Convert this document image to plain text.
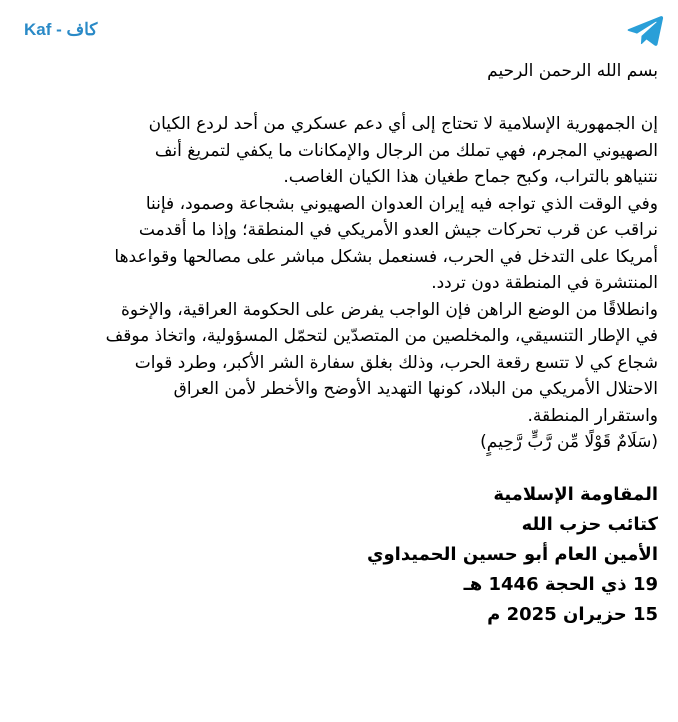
Kaf - كاف
بسم الله الرحمن الرحيم
إن الجمهورية الإسلامية لا تحتاج إلى أي دعم عسكري من أحد لردع الكيان
الصهيوني المجرم، فهي تملك من الرجال والإمكانات ما يكفي لتمريغ أنف
نتنياهو بالتراب، وكبح جماح طغيان هذا الكيان الغاصب.
وفي الوقت الذي تواجه فيه إيران العدوان الصهيوني بشجاعة وصمود، فإننا
نراقب عن قرب تحركات جيش العدو الأمريكي في المنطقة؛ وإذا ما أقدمت
أمريكا على التدخل في الحرب، فسنعمل بشكل مباشر على مصالحها وقواعدها
المنتشرة في المنطقة دون تردد.
وانطلاقًا من الوضع الراهن فإن الواجب يفرض على الحكومة العراقية، والإخوة
في الإطار التنسيقي، والمخلصين من المتصدّين لتحمّل المسؤولية، واتخاذ موقف
شجاع كي لا تتسع رقعة الحرب، وذلك بغلق سفارة الشر الأكبر، وطرد قوات
الاحتلال الأمريكي من البلاد، كونها التهديد الأوضح والأخطر لأمن العراق
واستقرار المنطقة.
(سَلَامٌ قَوْلًا مِّن رَّبٍّ رَّحِيمٍ)
المقاومة الإسلامية
كتائب حزب الله
الأمين العام أبو حسين الحميداوي
19 ذي الحجة 1446 هـ
15 حزيران 2025 م
